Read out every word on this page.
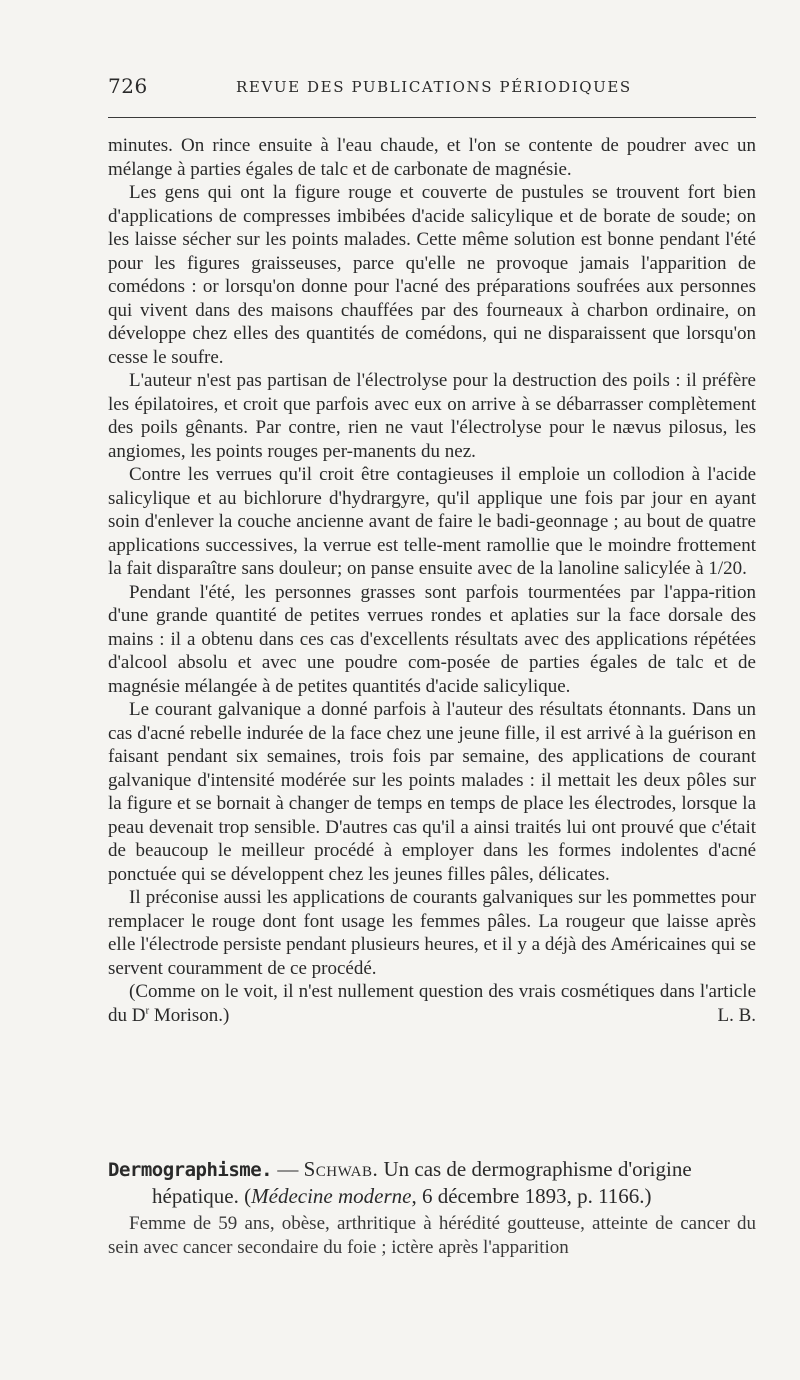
726	REVUE DES PUBLICATIONS PÉRIODIQUES

minutes. On rince ensuite à l'eau chaude, et l'on se contente de poudrer avec un mélange à parties égales de talc et de carbonate de magnésie.

Les gens qui ont la figure rouge et couverte de pustules se trouvent fort bien d'applications de compresses imbibées d'acide salicylique et de borate de soude; on les laisse sécher sur les points malades. Cette même solution est bonne pendant l'été pour les figures graisseuses, parce qu'elle ne provoque jamais l'apparition de comédons : or lorsqu'on donne pour l'acné des préparations soufrées aux personnes qui vivent dans des maisons chauffées par des fourneaux à charbon ordinaire, on développe chez elles des quantités de comédons, qui ne disparaissent que lorsqu'on cesse le soufre.

L'auteur n'est pas partisan de l'électrolyse pour la destruction des poils : il préfère les épilatoires, et croit que parfois avec eux on arrive à se débarrasser complètement des poils gênants. Par contre, rien ne vaut l'électrolyse pour le nævus pilosus, les angiomes, les points rouges per-manents du nez.

Contre les verrues qu'il croit être contagieuses il emploie un collodion à l'acide salicylique et au bichlorure d'hydrargyre, qu'il applique une fois par jour en ayant soin d'enlever la couche ancienne avant de faire le badi-geonnage ; au bout de quatre applications successives, la verrue est telle-ment ramollie que le moindre frottement la fait disparaître sans douleur; on panse ensuite avec de la lanoline salicylée à 1/20.

Pendant l'été, les personnes grasses sont parfois tourmentées par l'appa-rition d'une grande quantité de petites verrues rondes et aplaties sur la face dorsale des mains : il a obtenu dans ces cas d'excellents résultats avec des applications répétées d'alcool absolu et avec une poudre com-posée de parties égales de talc et de magnésie mélangée à de petites quantités d'acide salicylique.

Le courant galvanique a donné parfois à l'auteur des résultats étonnants. Dans un cas d'acné rebelle indurée de la face chez une jeune fille, il est arrivé à la guérison en faisant pendant six semaines, trois fois par semaine, des applications de courant galvanique d'intensité modérée sur les points malades : il mettait les deux pôles sur la figure et se bornait à changer de temps en temps de place les électrodes, lorsque la peau devenait trop sensible. D'autres cas qu'il a ainsi traités lui ont prouvé que c'était de beaucoup le meilleur procédé à employer dans les formes indolentes d'acné ponctuée qui se développent chez les jeunes filles pâles, délicates.

Il préconise aussi les applications de courants galvaniques sur les pommettes pour remplacer le rouge dont font usage les femmes pâles. La rougeur que laisse après elle l'électrode persiste pendant plusieurs heures, et il y a déjà des Américaines qui se servent couramment de ce procédé.

(Comme on le voit, il n'est nullement question des vrais cosmétiques dans l'article du $D^r$ Morison.)	L. B.

Dermographisme. — Schwab. Un cas de dermographisme d'origine hépatique. (Médecine moderne, 6 décembre 1893, p. 1166.)

Femme de 59 ans, obèse, arthritique à hérédité goutteuse, atteinte de cancer du sein avec cancer secondaire du foie ; ictère après l'apparition
